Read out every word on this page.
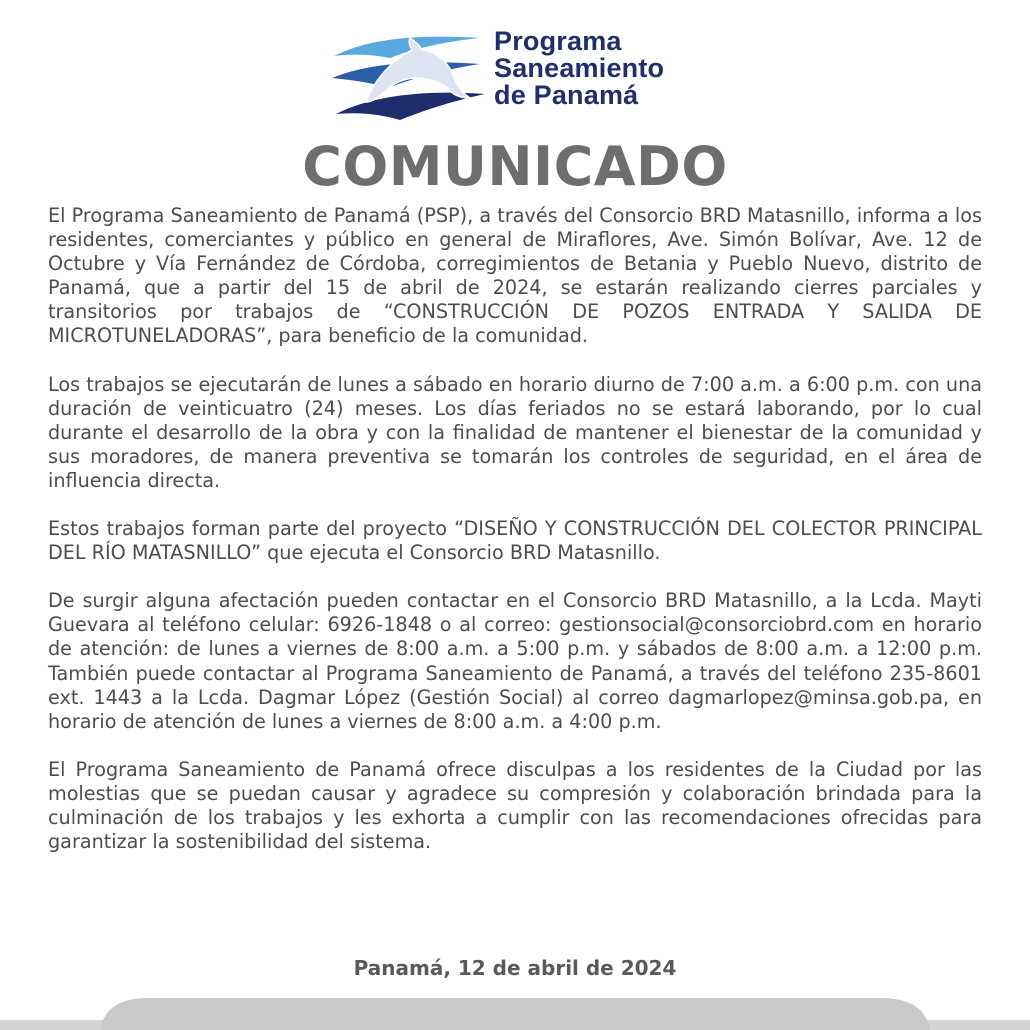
Programa
Saneamiento
de Panamá
COMUNICADO

El Programa Saneamiento de Panamá (PSP), a través del Consorcio BRD Matasnillo, informa a los residentes, comerciantes y público en general de Miraflores, Ave. Simón Bolívar, Ave. 12 de Octubre y Vía Fernández de Córdoba, corregimientos de Betania y Pueblo Nuevo, distrito de Panamá, que a partir del 15 de abril de 2024, se estarán realizando cierres parciales y transitorios por trabajos de “CONSTRUCCIÓN DE POZOS ENTRADA Y SALIDA DE MICROTUNELADORAS”, para beneficio de la comunidad.

Los trabajos se ejecutarán de lunes a sábado en horario diurno de 7:00 a.m. a 6:00 p.m. con una duración de veinticuatro (24) meses. Los días feriados no se estará laborando, por lo cual durante el desarrollo de la obra y con la finalidad de mantener el bienestar de la comunidad y sus moradores, de manera preventiva se tomarán los controles de seguridad, en el área de influencia directa.

Estos trabajos forman parte del proyecto “DISEÑO Y CONSTRUCCIÓN DEL COLECTOR PRINCIPAL DEL RÍO MATASNILLO” que ejecuta el Consorcio BRD Matasnillo.

De surgir alguna afectación pueden contactar en el Consorcio BRD Matasnillo, a la Lcda. Mayti Guevara al teléfono celular: 6926-1848 o al correo: gestionsocial@consorciobrd.com en horario de atención: de lunes a viernes de 8:00 a.m. a 5:00 p.m. y sábados de 8:00 a.m. a 12:00 p.m. También puede contactar al Programa Saneamiento de Panamá, a través del teléfono 235-8601 ext. 1443 a la Lcda. Dagmar López (Gestión Social) al correo dagmarlopez@minsa.gob.pa, en horario de atención de lunes a viernes de 8:00 a.m. a 4:00 p.m.

El Programa Saneamiento de Panamá ofrece disculpas a los residentes de la Ciudad por las molestias que se puedan causar y agradece su compresión y colaboración brindada para la culminación de los trabajos y les exhorta a cumplir con las recomendaciones ofrecidas para garantizar la sostenibilidad del sistema.

Panamá, 12 de abril de 2024
